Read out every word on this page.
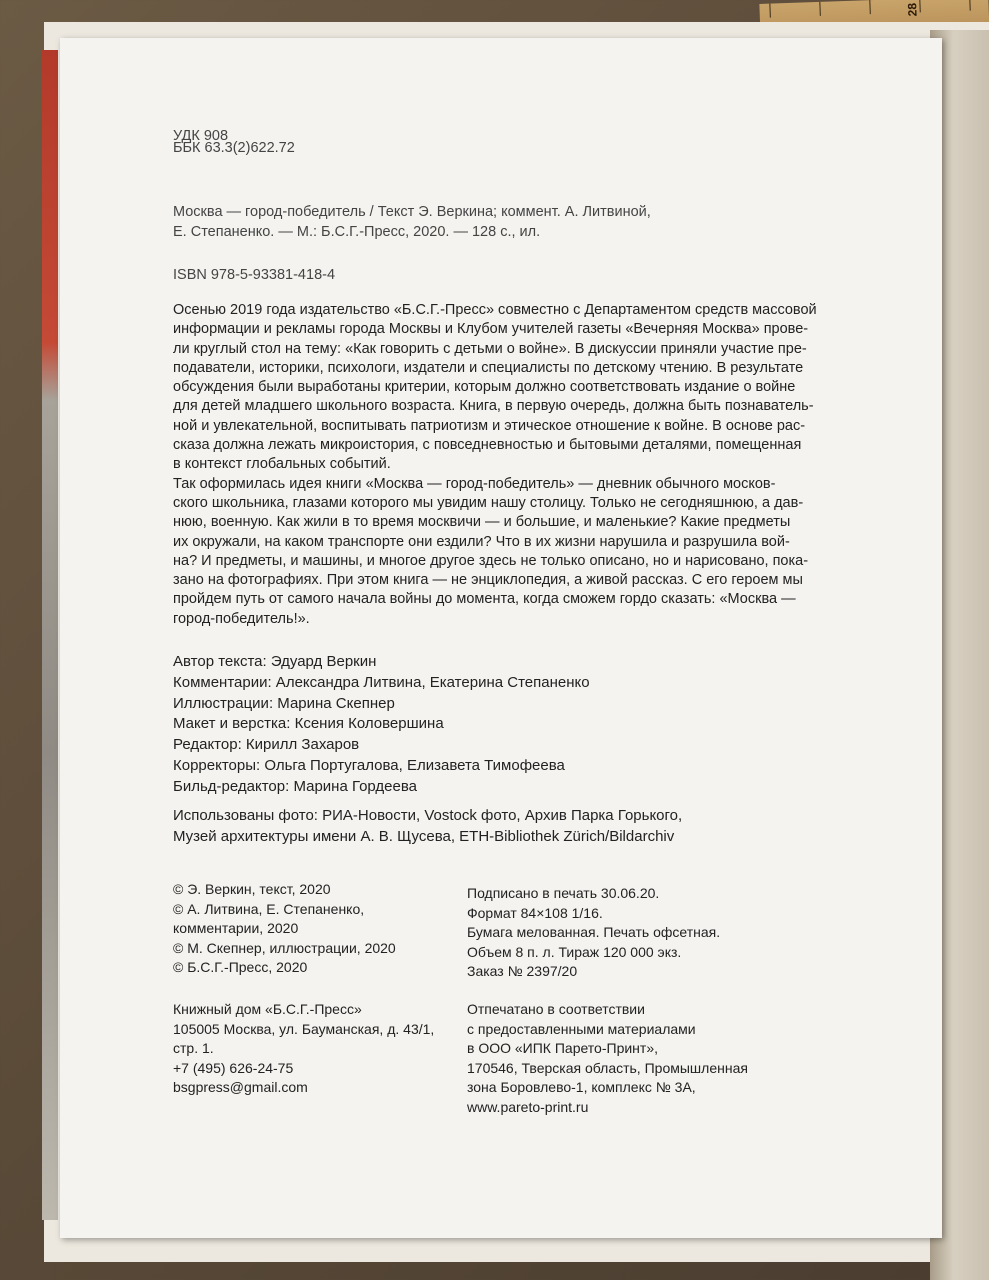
28
УДК 908
ББК 63.3(2)622.72
Москва — город-победитель / Текст Э. Веркина; коммент. А. Литвиной,
Е. Степаненко. — М.: Б.С.Г.-Пресс, 2020. — 128 с., ил.
ISBN 978-5-93381-418-4
Осенью 2019 года издательство «Б.С.Г.-Пресс» совместно с Департаментом средств массовой
информации и рекламы города Москвы и Клубом учителей газеты «Вечерняя Москва» прове-
ли круглый стол на тему: «Как говорить с детьми о войне». В дискуссии приняли участие пре-
подаватели, историки, психологи, издатели и специалисты по детскому чтению. В результате
обсуждения были выработаны критерии, которым должно соответствовать издание о войне
для детей младшего школьного возраста. Книга, в первую очередь, должна быть познаватель-
ной и увлекательной, воспитывать патриотизм и этическое отношение к войне. В основе рас-
сказа должна лежать микроистория, с повседневностью и бытовыми деталями, помещенная
в контекст глобальных событий.
Так оформилась идея книги «Москва — город-победитель» — дневник обычного москов-
ского школьника, глазами которого мы увидим нашу столицу. Только не сегодняшнюю, а дав-
нюю, военную. Как жили в то время москвичи — и большие, и маленькие? Какие предметы
их окружали, на каком транспорте они ездили? Что в их жизни нарушила и разрушила вой-
на? И предметы, и машины, и многое другое здесь не только описано, но и нарисовано, пока-
зано на фотографиях. При этом книга — не энциклопедия, а живой рассказ. С его героем мы
пройдем путь от самого начала войны до момента, когда сможем гордо сказать: «Москва —
город-победитель!».
Автор текста: Эдуард Веркин
Комментарии: Александра Литвина, Екатерина Степаненко
Иллюстрации: Марина Скепнер
Макет и верстка: Ксения Коловершина
Редактор: Кирилл Захаров
Корректоры: Ольга Португалова, Елизавета Тимофеева
Бильд-редактор: Марина Гордеева
Использованы фото: РИА-Новости, Vostock фото, Архив Парка Горького,
Музей архитектуры имени А. В. Щусева, ETH-Bibliothek Zürich/Bildarchiv
© Э. Веркин, текст, 2020
© А. Литвина, Е. Степаненко,
комментарии, 2020
© М. Скепнер, иллюстрации, 2020
© Б.С.Г.-Пресс, 2020
Подписано в печать 30.06.20.
Формат 84×108 1/16.
Бумага мелованная. Печать офсетная.
Объем 8 п. л. Тираж 120 000 экз.
Заказ № 2397/20
Книжный дом «Б.С.Г.-Пресс»
105005 Москва, ул. Бауманская, д. 43/1,
стр. 1.
+7 (495) 626-24-75
bsgpress@gmail.com
Отпечатано в соответствии
с предоставленными материалами
в ООО «ИПК Парето-Принт»,
170546, Тверская область, Промышленная
зона Боровлево-1, комплекс № 3А,
www.pareto-print.ru
